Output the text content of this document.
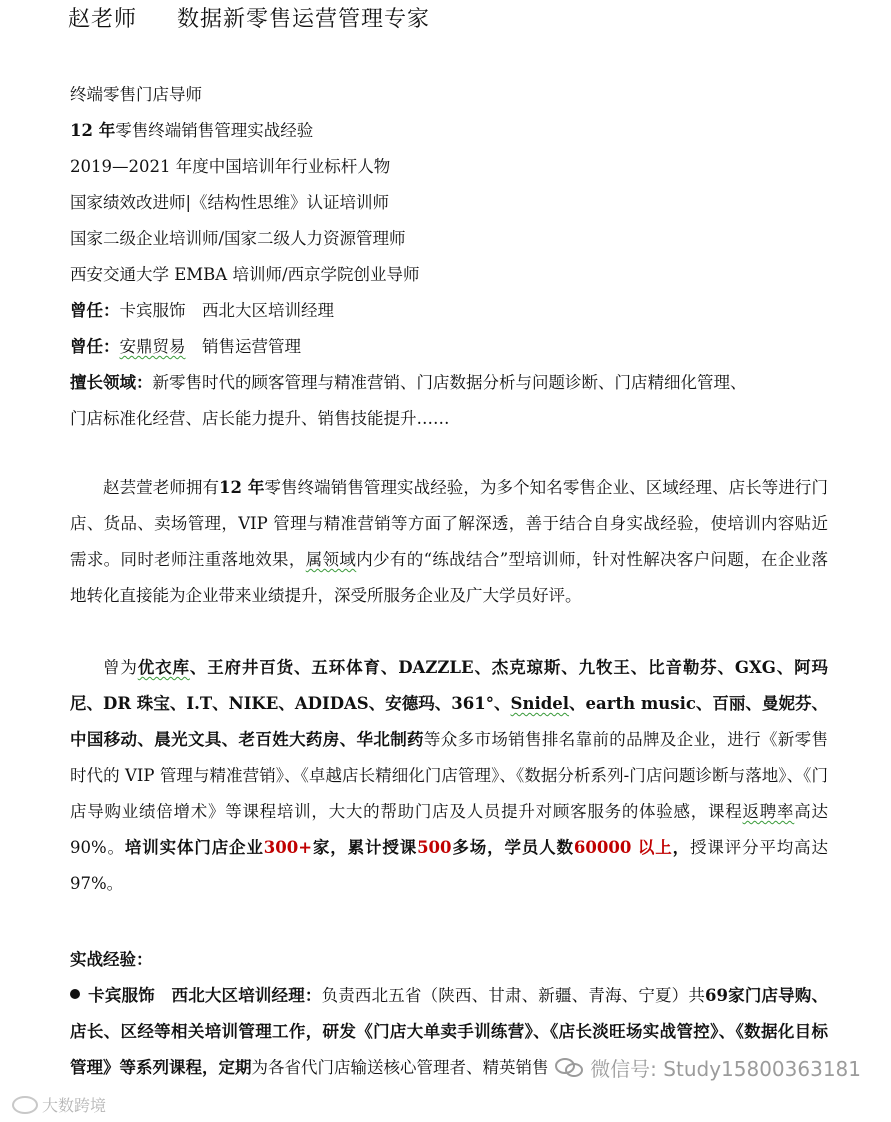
赵老师 数据新零售运营管理专家
终端零售门店导师
12 年零售终端销售管理实战经验
2019—2021 年度中国培训年行业标杆人物
国家绩效改进师|《结构性思维》认证培训师
国家二级企业培训师/国家二级人力资源管理师
西安交通大学 EMBA 培训师/西京学院创业导师
曾任：卡宾服饰　 西北大区培训经理
曾任：安鼎贸易　 销售运营管理
擅长领域：新零售时代的顾客管理与精准营销、门店数据分析与问题诊断、门店精细化管理、
门店标准化经营、店长能力提升、销售技能提升……

赵芸萱老师拥有12 年零售终端销售管理实战经验，为多个知名零售企业、区域经理、店长等进行门店、货品、卖场管理，VIP 管理与精准营销等方面了解深透，善于结合自身实战经验，使培训内容贴近需求。同时老师注重落地效果，属领域内少有的“练战结合”型培训师，针对性解决客户问题，在企业落地转化直接能为企业带来业绩提升，深受所服务企业及广大学员好评。

曾为优衣库、王府井百货、五环体育、DAZZLE、杰克琼斯、九牧王、比音勒芬、GXG、阿玛尼、DR 珠宝、I.T、NIKE、ADIDAS、安德玛、361°、Snidel、earth music、百丽、曼妮芬、中国移动、晨光文具、老百姓大药房、华北制药等众多市场销售排名靠前的品牌及企业，进行《新零售时代的 VIP 管理与精准营销》、《卓越店长精细化门店管理》、《数据分析系列-门店问题诊断与落地》、《门店导购业绩倍增术》等课程培训，大大的帮助门店及人员提升对顾客服务的体验感，课程返聘率高达 90%。培训实体门店企业300+家，累计授课500多场，学员人数60000 以上，授课评分平均高达 97%。

实战经验：

卡宾服饰　西北大区培训经理：负责西北五省（陕西、甘肃、新疆、青海、宁夏）共69家门店导购、店长、区经等相关培训管理工作，研发《门店大单卖手训练营》、《店长淡旺场实战管控》、《数据化目标管理》等系列课程，定期为各省代门店输送核心管理者、精英销售	微信号: Study15800363181
大数跨境
